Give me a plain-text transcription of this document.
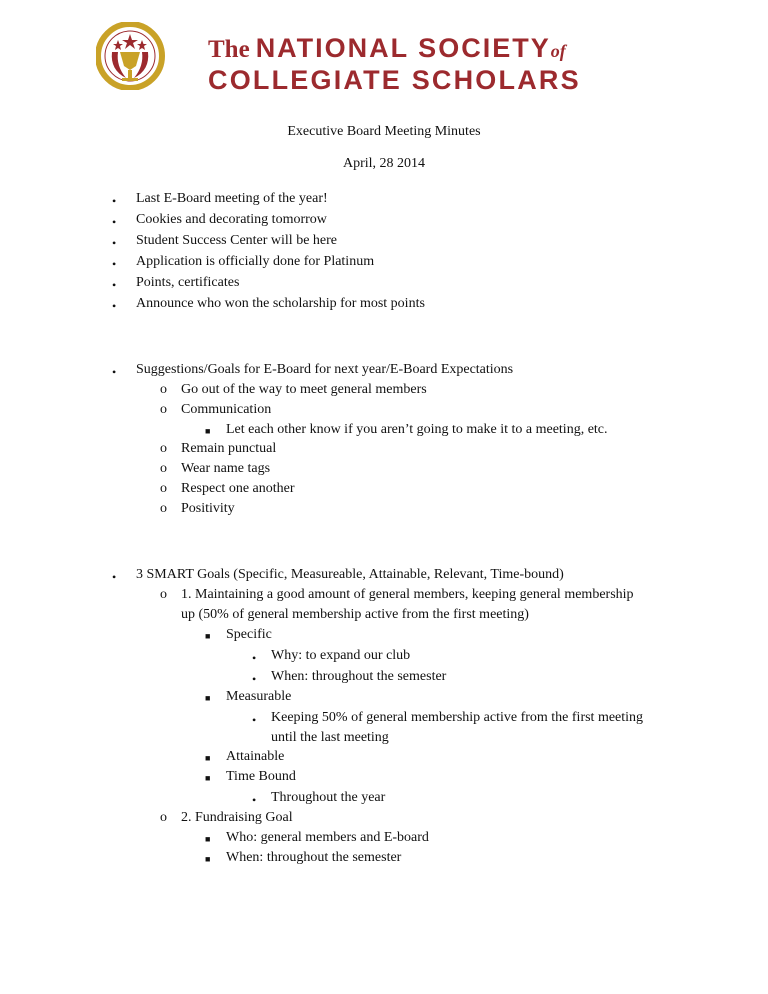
The NATIONAL SOCIETYof
COLLEGIATE SCHOLARS
Executive Board Meeting Minutes
April, 28 2014
• Last E-Board meeting of the year!
• Cookies and decorating tomorrow
• Student Success Center will be here
• Application is officially done for Platinum
• Points, certificates
• Announce who won the scholarship for most points
• Suggestions/Goals for E-Board for next year/E-Board Expectations
o Go out of the way to meet general members
o Communication
■ Let each other know if you aren’t going to make it to a meeting, etc.
o Remain punctual
o Wear name tags
o Respect one another
o Positivity
• 3 SMART Goals (Specific, Measureable, Attainable, Relevant, Time-bound)
o 1. Maintaining a good amount of general members, keeping general membership
up (50% of general membership active from the first meeting)
■ Specific
• Why: to expand our club
• When: throughout the semester
■ Measurable
• Keeping 50% of general membership active from the first meeting
until the last meeting
■ Attainable
■ Time Bound
• Throughout the year
o 2. Fundraising Goal
■ Who: general members and E-board
■ When: throughout the semester
